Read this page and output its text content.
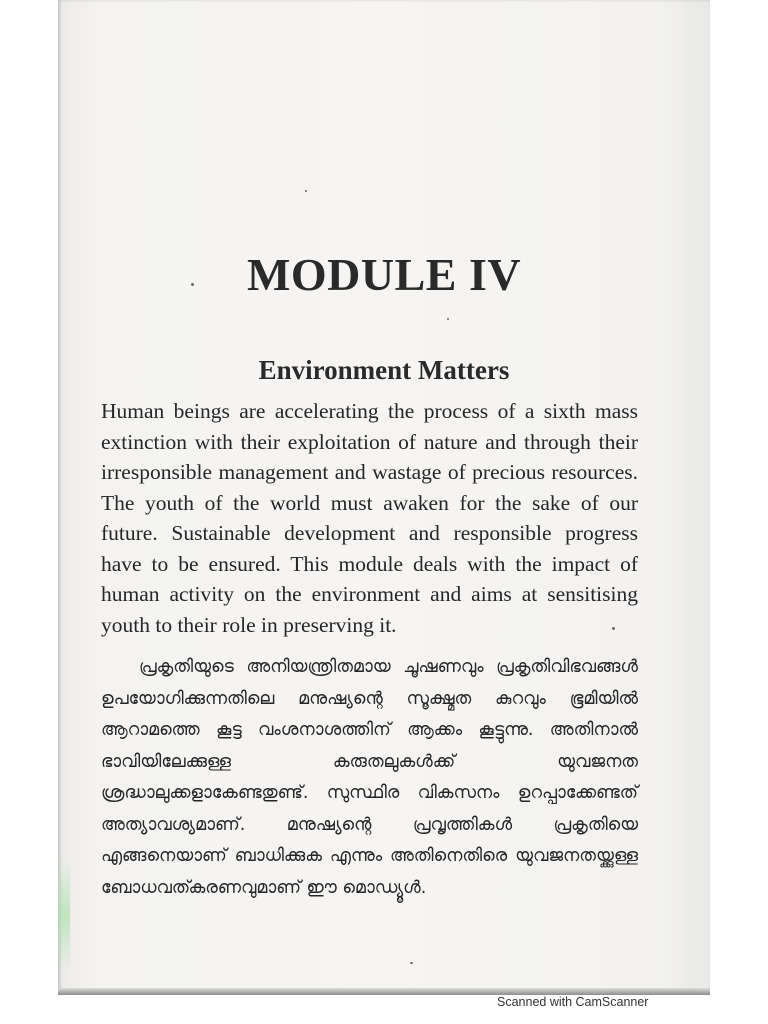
MODULE IV
Environment Matters

Human beings are accelerating the process of a sixth mass extinction with their exploitation of nature and through their irresponsible management and wastage of precious resources. The youth of the world must awaken for the sake of our future. Sustainable development and responsible progress have to be ensured. This module deals with the impact of human activity on the environment and aims at sensitising youth to their role in preserving it.

പ്രകൃതിയുടെ അനിയന്ത്രിതമായ ചൂഷണവും പ്രകൃതിവിഭവങ്ങൾ ഉപയോഗിക്കുന്നതിലെ മനുഷ്യന്റെ സൂക്ഷ്മത കുറവും ഭൂമിയിൽ ആറാമത്തെ കൂട്ട വംശനാശത്തിന് ആക്കം കൂട്ടുന്നു. അതിനാൽ ഭാവിയിലേക്കുള്ള കരുതലുകൾക്ക് യുവജനത ശ്രദ്ധാലുക്കളാകേണ്ടതുണ്ട്. സുസ്ഥിര വികസനം ഉറപ്പാക്കേണ്ടത് അത്യാവശ്യമാണ്. മനുഷ്യന്റെ പ്രവൃത്തികൾ പ്രകൃതിയെ എങ്ങനെയാണ് ബാധിക്കുക എന്നും അതിനെതിരെ യുവജനതയ്ക്കുള്ള ബോധവത്കരണവുമാണ് ഈ മൊഡ്യൂൾ.

Scanned with CamScanner
